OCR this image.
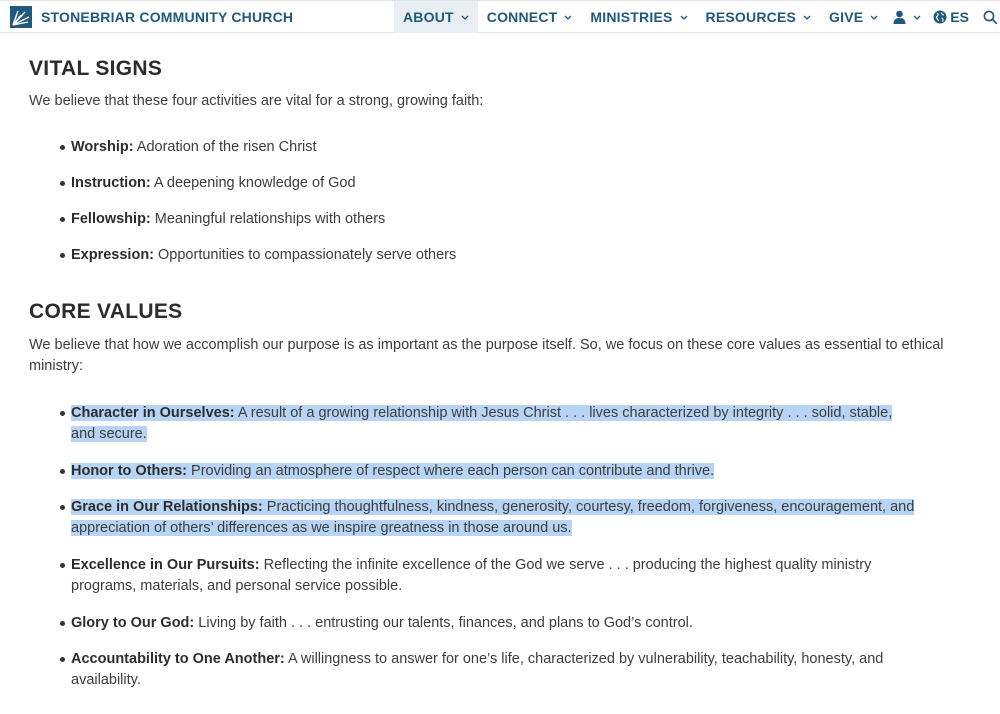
STONEBRIAR COMMUNITY CHURCH	ABOUT CONNECT MINISTRIES RESOURCES GIVE	ES
VITAL SIGNS

We believe that these four activities are vital for a strong, growing faith:

Worship: Adoration of the risen Christ
Instruction: A deepening knowledge of God
Fellowship: Meaningful relationships with others
Expression: Opportunities to compassionately serve others
CORE VALUES

We believe that how we accomplish our purpose is as important as the purpose itself. So, we focus on these core values as essential to ethical ministry:

Character in Ourselves: A result of a growing relationship with Jesus Christ . . . lives characterized by integrity . . . solid, stable, and secure.
Honor to Others: Providing an atmosphere of respect where each person can contribute and thrive.
Grace in Our Relationships: Practicing thoughtfulness, kindness, generosity, courtesy, freedom, forgiveness, encouragement, and appreciation of others’ differences as we inspire greatness in those around us.
Excellence in Our Pursuits: Reflecting the infinite excellence of the God we serve . . . producing the highest quality ministry programs, materials, and personal service possible.
Glory to Our God: Living by faith . . . entrusting our talents, finances, and plans to God’s control.
Accountability to One Another: A willingness to answer for one’s life, characterized by vulnerability, teachability, honesty, and availability.
